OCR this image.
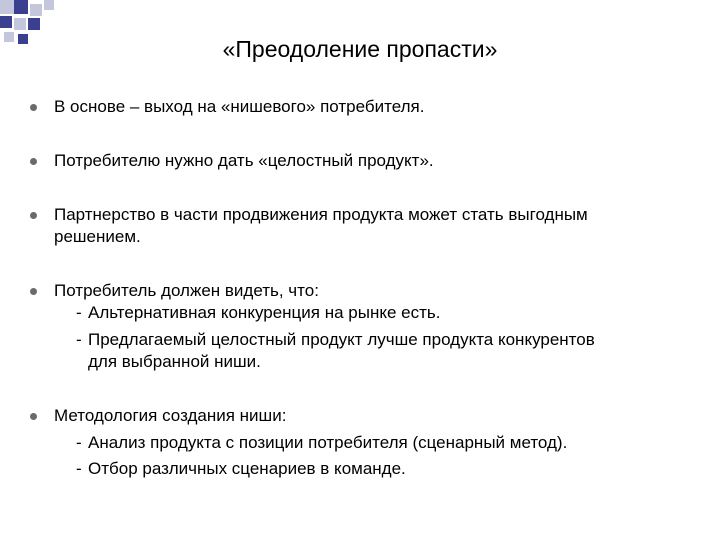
«Преодоление пропасти»
В основе – выход на «нишевого» потребителя.
Потребителю нужно дать «целостный продукт».
Партнерство в части продвижения продукта может стать выгодным
решением.
Потребитель должен видеть, что:
- Альтернативная конкуренция на рынке есть.
- Предлагаемый целостный продукт лучше продукта конкурентов
для выбранной ниши.
Методология создания ниши:
- Анализ продукта с позиции потребителя (сценарный метод).
- Отбор различных сценариев в команде.
